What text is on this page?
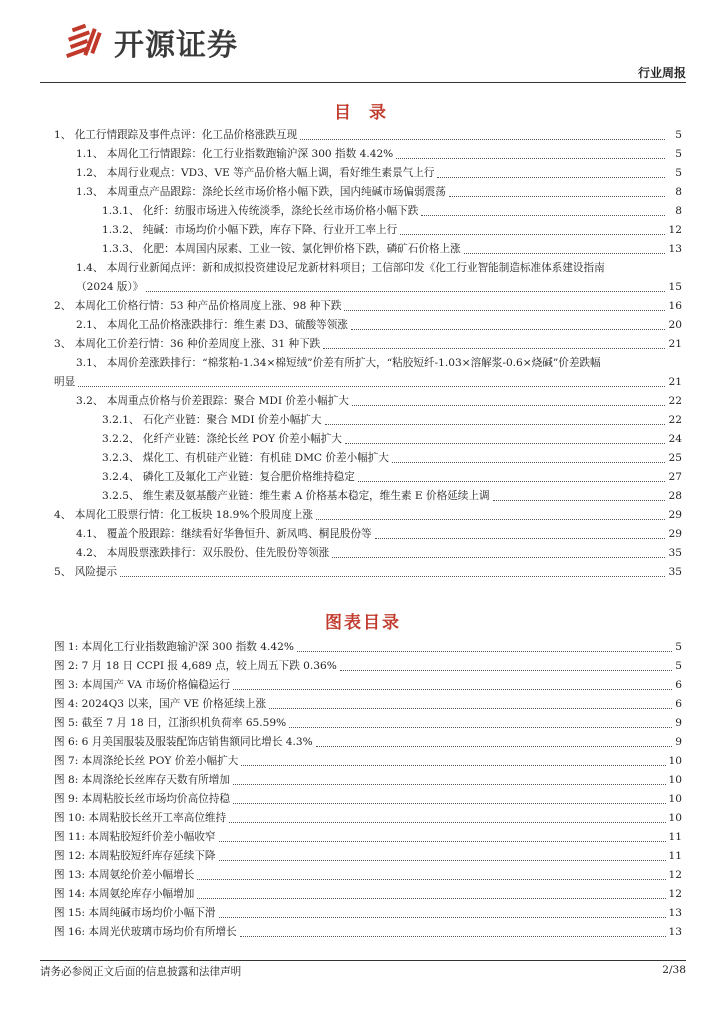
开源证券
行业周报
目 录
1、 化工行情跟踪及事件点评：化工品价格涨跌互现	5
1.1、 本周化工行情跟踪：化工行业指数跑输沪深 300 指数 4.42%	5
1.2、 本周行业观点：VD3、VE 等产品价格大幅上调，看好维生素景气上行	5
1.3、 本周重点产品跟踪：涤纶长丝市场价格小幅下跌，国内纯碱市场偏弱震荡	8
1.3.1、 化纤：纺服市场进入传统淡季，涤纶长丝市场价格小幅下跌	8
1.3.2、 纯碱：市场均价小幅下跌，库存下降、行业开工率上行	12
1.3.3、 化肥：本周国内尿素、工业一铵、氯化钾价格下跌，磷矿石价格上涨	13
1.4、 本周行业新闻点评：新和成拟投资建设尼龙新材料项目；工信部印发《化工行业智能制造标准体系建设指南
（2024 版）》	15
2、 本周化工价格行情：53 种产品价格周度上涨、98 种下跌	16
2.1、 本周化工品价格涨跌排行：维生素 D3、硫酸等领涨	20
3、 本周化工价差行情：36 种价差周度上涨、31 种下跌	21
3.1、 本周价差涨跌排行：“棉浆粕-1.34×棉短绒”价差有所扩大，“粘胶短纤-1.03×溶解浆-0.6×烧碱”价差跌幅
明显	21
3.2、 本周重点价格与价差跟踪：聚合 MDI 价差小幅扩大	22
3.2.1、 石化产业链：聚合 MDI 价差小幅扩大	22
3.2.2、 化纤产业链：涤纶长丝 POY 价差小幅扩大	24
3.2.3、 煤化工、有机硅产业链：有机硅 DMC 价差小幅扩大	25
3.2.4、 磷化工及氟化工产业链：复合肥价格维持稳定	27
3.2.5、 维生素及氨基酸产业链：维生素 A 价格基本稳定，维生素 E 价格延续上调	28
4、 本周化工股票行情：化工板块 18.9%个股周度上涨	29
4.1、 覆盖个股跟踪：继续看好华鲁恒升、新凤鸣、桐昆股份等	29
4.2、 本周股票涨跌排行：双乐股份、佳先股份等领涨	35
5、 风险提示	35
图表目录
图 1: 本周化工行业指数跑输沪深 300 指数 4.42%	5
图 2: 7 月 18 日 CCPI 报 4,689 点，较上周五下跌 0.36%	5
图 3: 本周国产 VA 市场价格偏稳运行	6
图 4: 2024Q3 以来，国产 VE 价格延续上涨	6
图 5: 截至 7 月 18 日，江浙织机负荷率 65.59%	9
图 6: 6 月美国服装及服装配饰店销售额同比增长 4.3%	9
图 7: 本周涤纶长丝 POY 价差小幅扩大	10
图 8: 本周涤纶长丝库存天数有所增加	10
图 9: 本周粘胶长丝市场均价高位持稳	10
图 10: 本周粘胶长丝开工率高位维持	10
图 11: 本周粘胶短纤价差小幅收窄	11
图 12: 本周粘胶短纤库存延续下降	11
图 13: 本周氨纶价差小幅增长	12
图 14: 本周氨纶库存小幅增加	12
图 15: 本周纯碱市场均价小幅下滑	13
图 16: 本周光伏玻璃市场均价有所增长	13
请务必参阅正文后面的信息披露和法律声明	2/38
